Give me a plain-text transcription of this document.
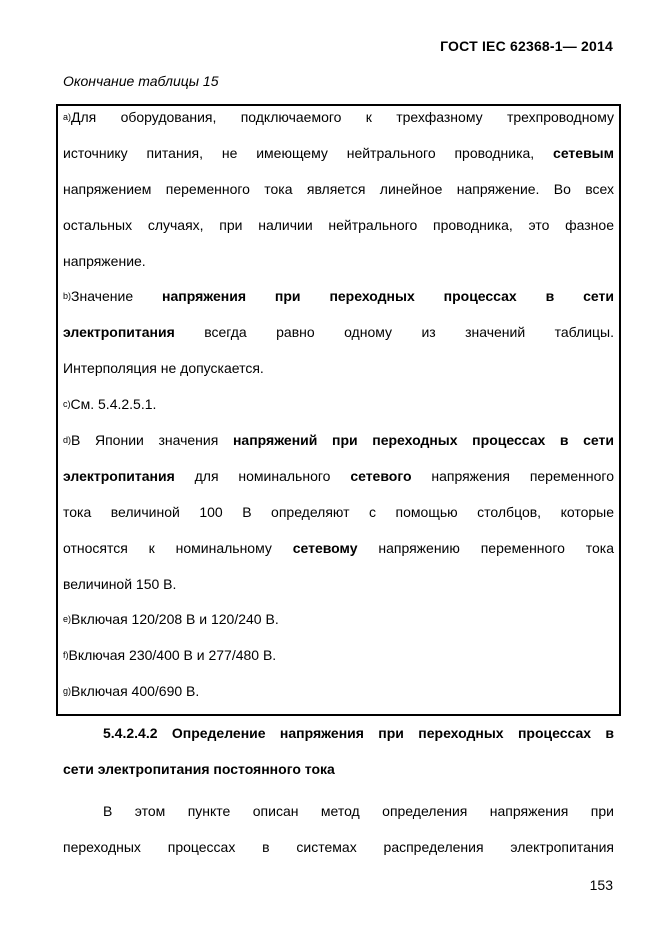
ГОСТ IEC 62368-1— 2014
Окончание таблицы 15
$^{a)}$Для оборудования, подключаемого к трехфазному трехпроводному
источнику питания, не имеющему нейтрального проводника, сетевым
напряжением переменного тока является линейное напряжение. Во всех
остальных случаях, при наличии нейтрального проводника, это фазное
напряжение.
$^{b)}$Значение напряжения при переходных процессах в сети
электропитания всегда равно одному из значений таблицы.
Интерполяция не допускается.
$^{c)}$См. 5.4.2.5.1.
$^{d)}$В Японии значения напряжений при переходных процессах в сети
электропитания для номинального сетевого напряжения переменного
тока величиной 100 В определяют с помощью столбцов, которые
относятся к номинальному сетевому напряжению переменного тока
величиной 150 В.
$^{e)}$Включая 120/208 В и 120/240 В.
$^{f)}$Включая 230/400 В и 277/480 В.
$^{g)}$Включая 400/690 В.
5.4.2.4.2 Определение напряжения при переходных процессах в
сети электропитания постоянного тока
В этом пункте описан метод определения напряжения при
переходных процессах в системах распределения электропитания
153
